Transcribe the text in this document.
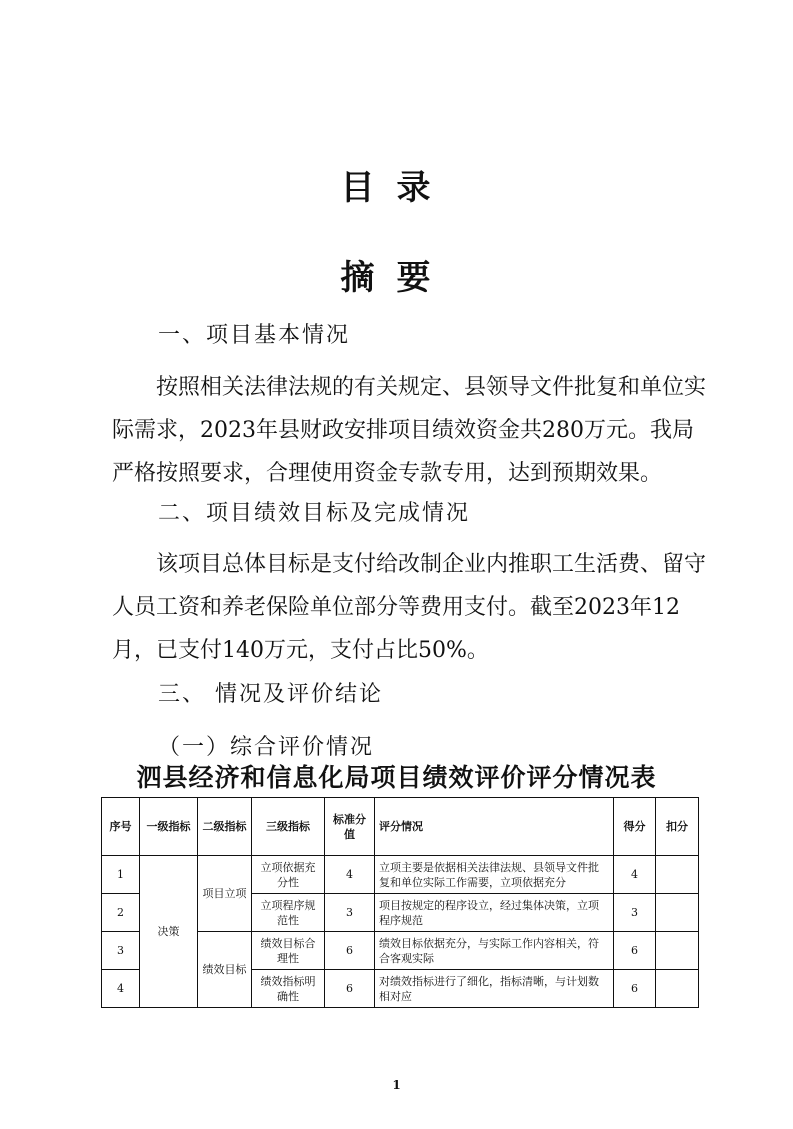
目录
摘要
一、项目基本情况

按照相关法律法规的有关规定、县领导文件批复和单位实际需求，2023年县财政安排项目绩效资金共280万元。我局严格按照要求，合理使用资金专款专用，达到预期效果。

二、项目绩效目标及完成情况

该项目总体目标是支付给改制企业内推职工生活费、留守人员工资和养老保险单位部分等费用支付。截至2023年12月，已支付140万元，支付占比50%。

三、 情况及评价结论
（一）综合评价情况
泗县经济和信息化局项目绩效评价评分情况表
序号	一级指标	二级指标	三级指标	标准分值	评分情况	得分	扣分
1	决策	项目立项	立项依据充分性	4	立项主要是依据相关法律法规、县领导文件批复和单位实际工作需要，立项依据充分	4	
2			立项程序规范性	3	项目按规定的程序设立，经过集体决策，立项程序规范	3	
3		绩效目标	绩效目标合理性	6	绩效目标依据充分，与实际工作内容相关，符合客观实际	6	
4			绩效指标明确性	6	对绩效指标进行了细化，指标清晰，与计划数相对应	6	
1
